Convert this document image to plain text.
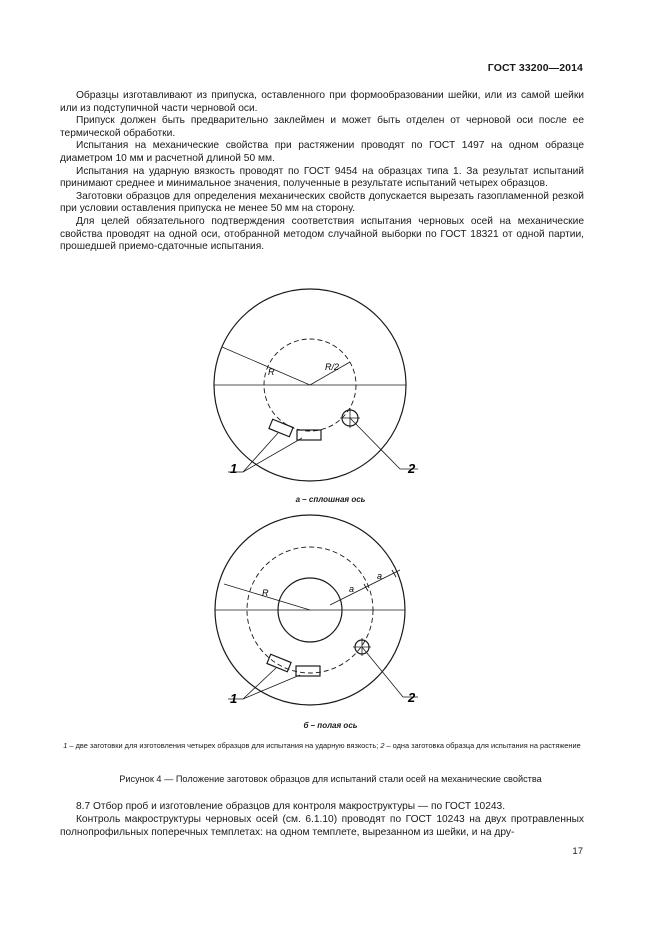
ГОСТ 33200—2014

Образцы изготавливают из припуска, оставленного при формообразовании шейки, или из самой шейки или из подступичной части черновой оси.

Припуск должен быть предварительно заклеймен и может быть отделен от черновой оси после ее термической обработки.

Испытания на механические свойства при растяжении проводят по ГОСТ 1497 на одном образце диаметром 10 мм и расчетной длиной 50 мм.

Испытания на ударную вязкость проводят по ГОСТ 9454 на образцах типа 1. За результат испытаний принимают среднее и минимальное значения, полученные в результате испытаний четырех образцов.

Заготовки образцов для определения механических свойств допускается вырезать газопламенной резкой при условии оставления припуска не менее 50 мм на сторону.

Для целей обязательного подтверждения соответствия испытания черновых осей на механические свойства проводят на одной оси, отобранной методом случайной выборки по ГОСТ 18321 от одной партии, прошедшей приемо-сдаточные испытания.

R	R/2
1	2
а – сплошная ось
R	a
a
1	2
б – полая ось
1 – две заготовки для изготовления четырех образцов для испытания на ударную вязкость; 2 – одна заготовка образца для испытания на растяжение
Рисунок 4 — Положение заготовок образцов для испытаний стали осей на механические свойства

8.7 Отбор проб и изготовление образцов для контроля макроструктуры — по ГОСТ 10243.

Контроль макроструктуры черновых осей (см. 6.1.10) проводят по ГОСТ 10243 на двух протравленных полнопрофильных поперечных темплетах: на одном темплете, вырезанном из шейки, и на дру-

17
